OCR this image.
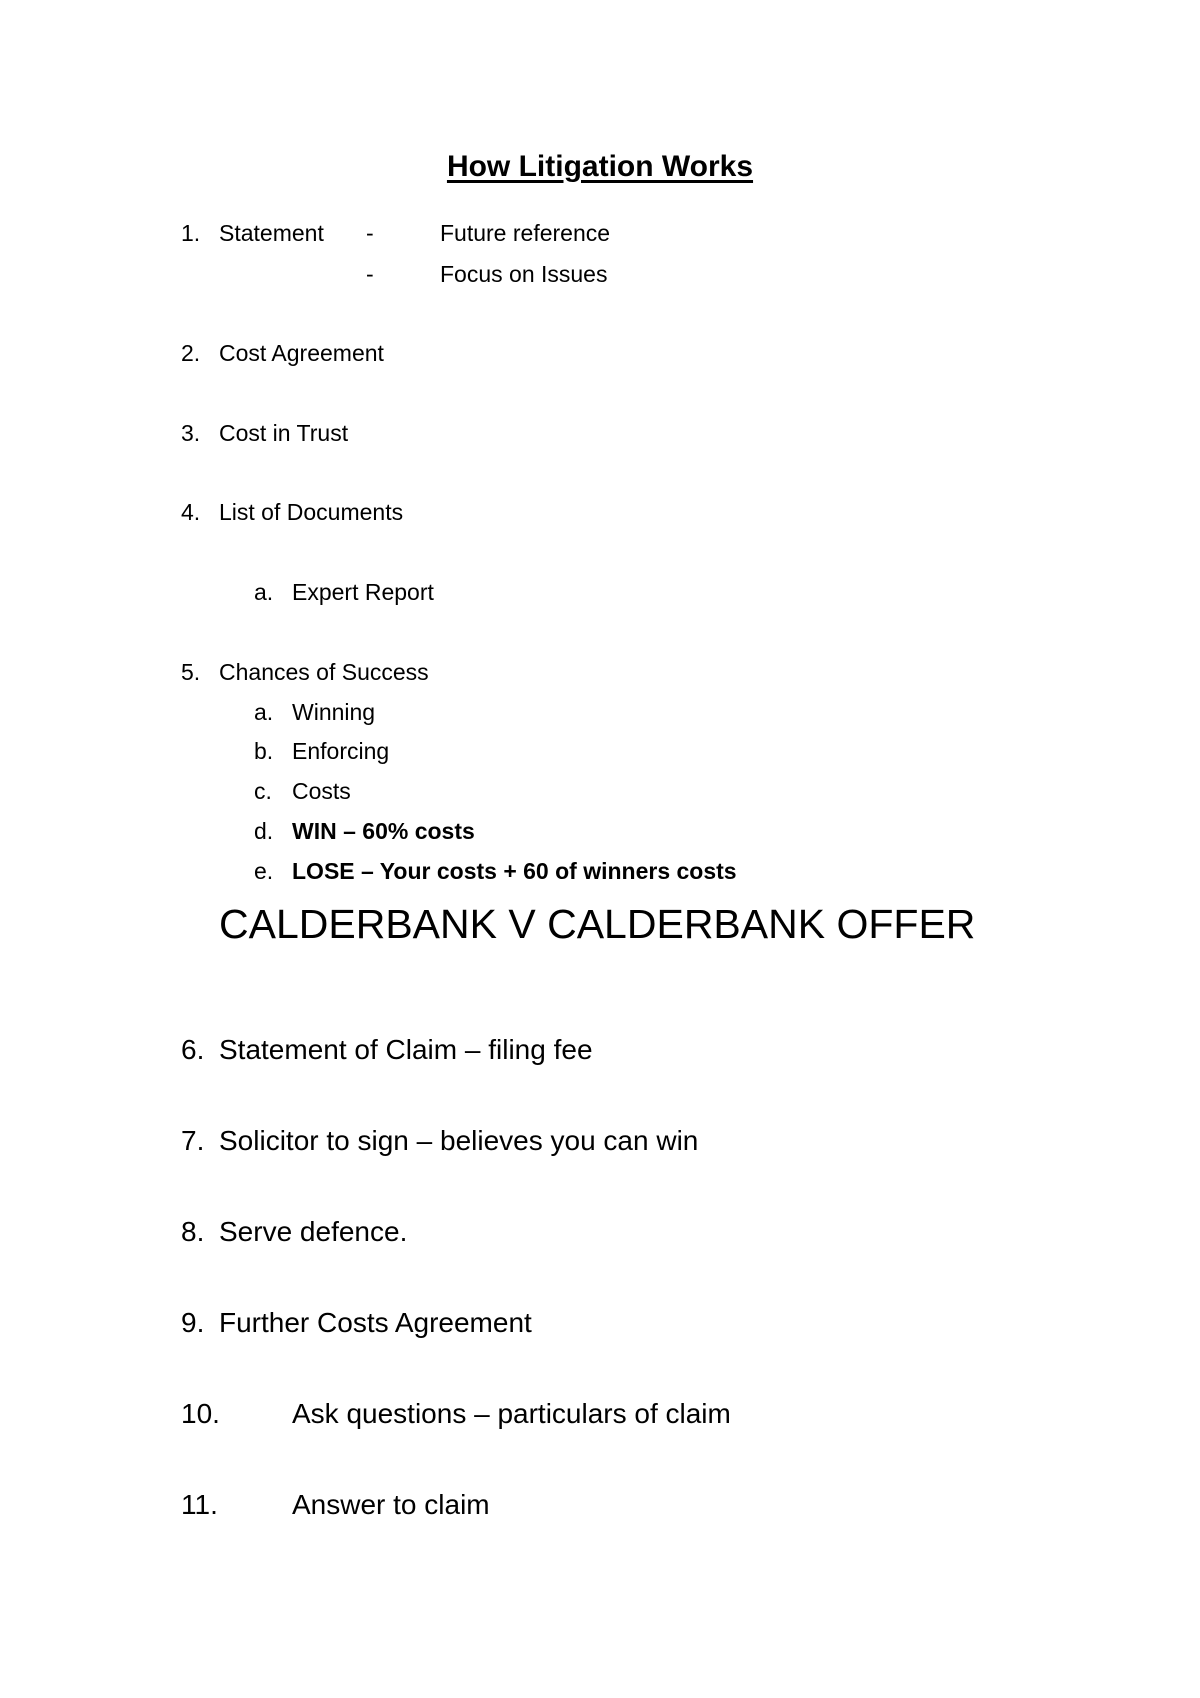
How Litigation Works
1. Statement -	Future reference
-	Focus on Issues
2. Cost Agreement
3. Cost in Trust
4. List of Documents
a. Expert Report
5. Chances of Success
a. Winning
b. Enforcing
c. Costs
d. WIN – 60% costs
e. LOSE – Your costs + 60 of winners costs
CALDERBANK V CALDERBANK OFFER
6. Statement of Claim – filing fee
7. Solicitor to sign – believes you can win
8. Serve defence.
9. Further Costs Agreement
10.	Ask questions – particulars of claim
11.	Answer to claim
